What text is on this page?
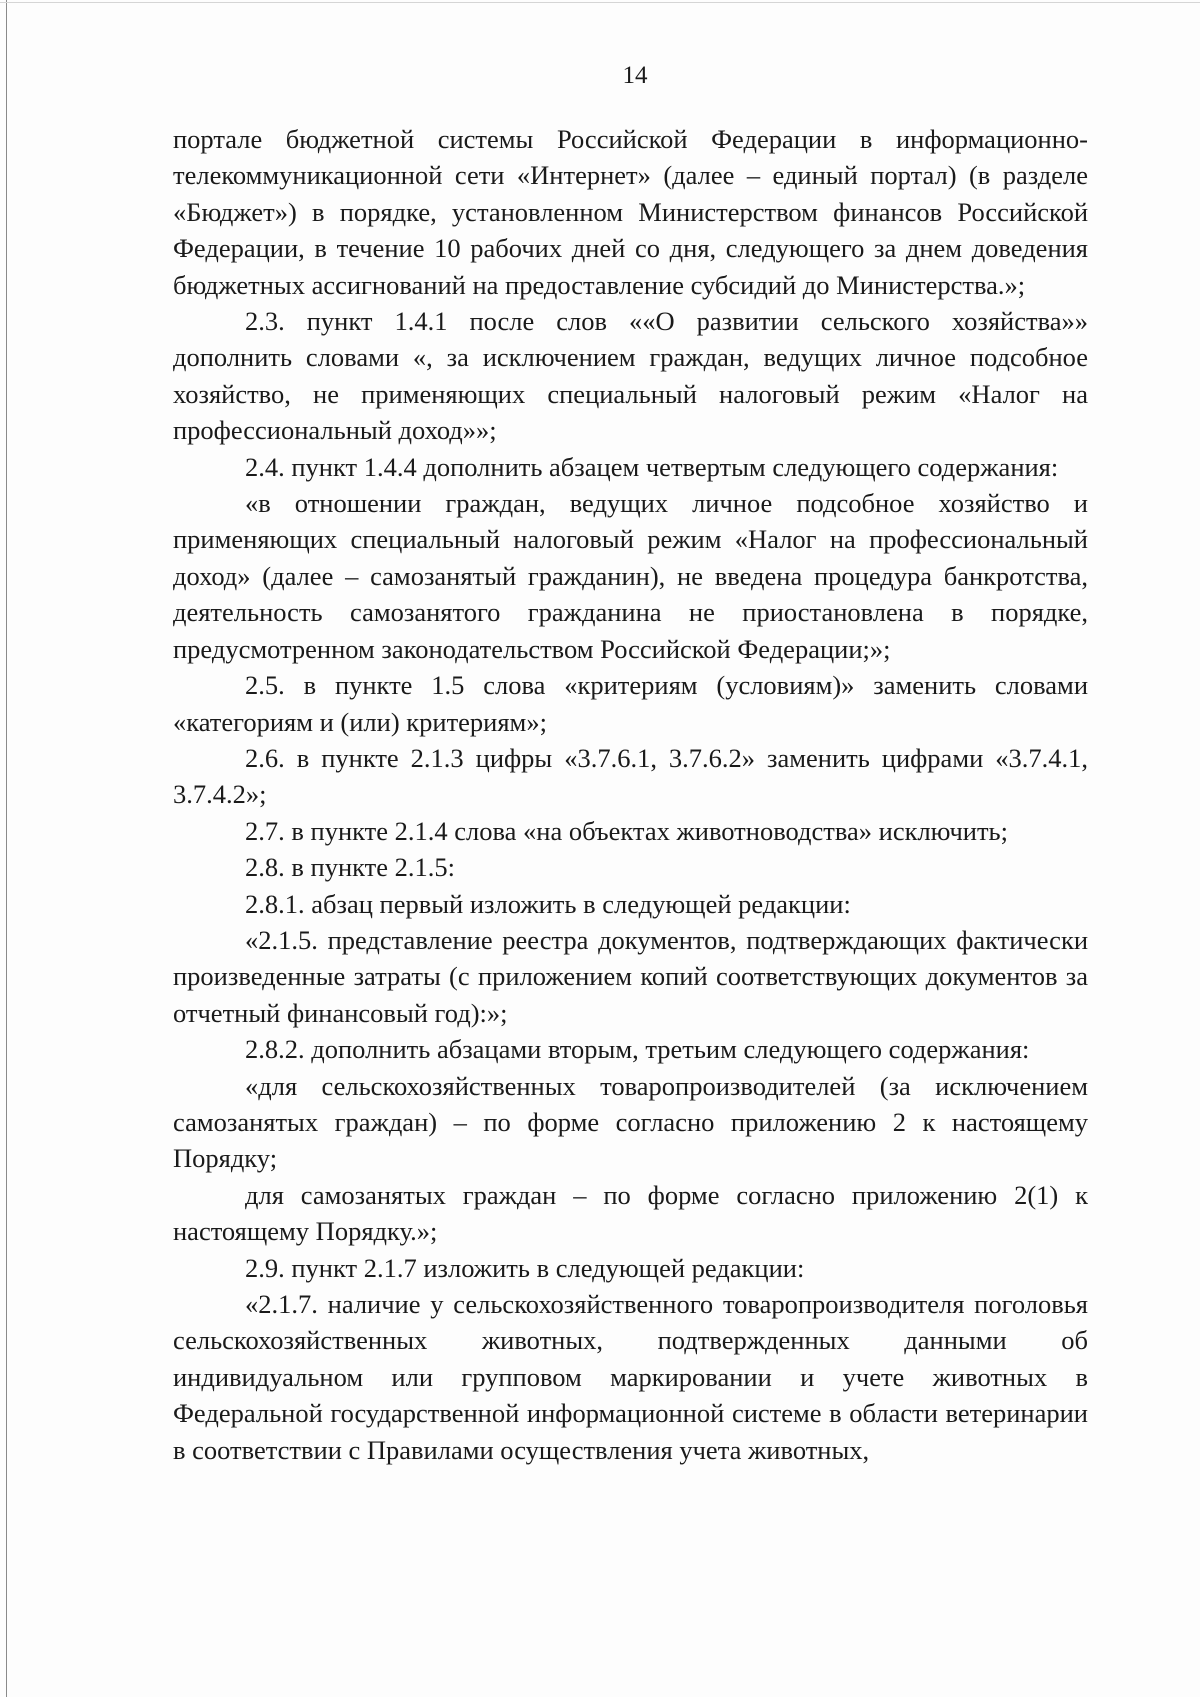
14

порталe бюджетной системы Российской Федерации в информационно-телекоммуникационной сети «Интернет» (далее – единый портал) (в разделе «Бюджет») в порядке, установленном Министерством финансов Российской Федерации, в течение 10 рабочих дней со дня, следующего за днем доведения бюджетных ассигнований на предоставление субсидий до Министерства.»;

2.3. пункт 1.4.1 после слов ««О развитии сельского хозяйства»» дополнить словами «, за исключением граждан, ведущих личное подсобное хозяйство, не применяющих специальный налоговый режим «Налог на профессиональный доход»»;

2.4. пункт 1.4.4 дополнить абзацем четвертым следующего содержания:

«в отношении граждан, ведущих личное подсобное хозяйство и применяющих специальный налоговый режим «Налог на профессиональный доход» (далее – самозанятый гражданин), не введена процедура банкротства, деятельность самозанятого гражданина не приостановлена в порядке, предусмотренном законодательством Российской Федерации;»;

2.5. в пункте 1.5 слова «критериям (условиям)» заменить словами «категориям и (или) критериям»;

2.6. в пункте 2.1.3 цифры «3.7.6.1, 3.7.6.2» заменить цифрами «3.7.4.1, 3.7.4.2»;

2.7. в пункте 2.1.4 слова «на объектах животноводства» исключить;

2.8. в пункте 2.1.5:

2.8.1. абзац первый изложить в следующей редакции:

«2.1.5. представление реестра документов, подтверждающих фактически произведенные затраты (с приложением копий соответствующих документов за отчетный финансовый год):»;

2.8.2. дополнить абзацами вторым, третьим следующего содержания:

«для сельскохозяйственных товаропроизводителей (за исключением самозанятых граждан) – по форме согласно приложению 2 к настоящему Порядку;

для самозанятых граждан – по форме согласно приложению 2(1) к настоящему Порядку.»;

2.9. пункт 2.1.7 изложить в следующей редакции:

«2.1.7. наличие у сельскохозяйственного товаропроизводителя поголовья сельскохозяйственных животных, подтвержденных данными об индивидуальном или групповом маркировании и учете животных в Федеральной государственной информационной системе в области ветеринарии в соответствии с Правилами осуществления учета животных,
